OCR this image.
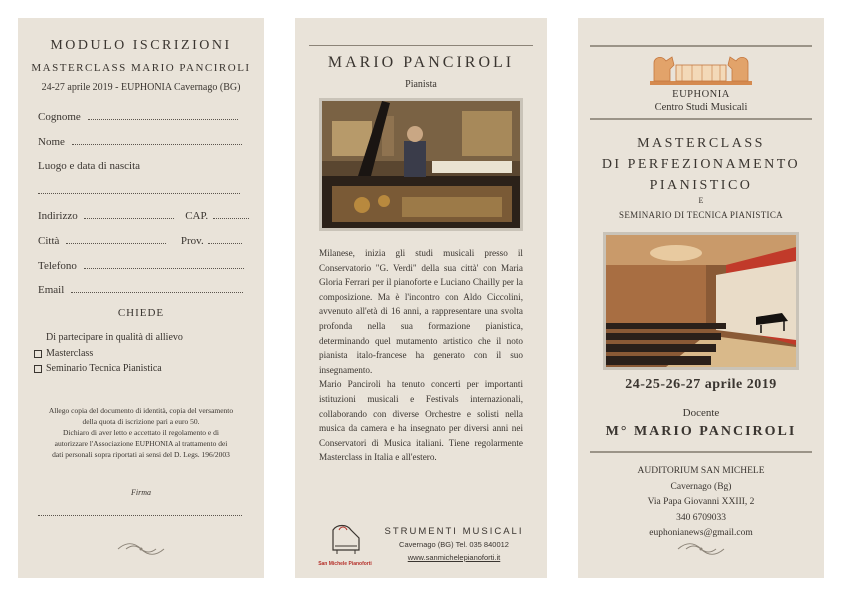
MODULO ISCRIZIONI
MASTERCLASS MARIO PANCIROLI
24-27 aprile 2019 - EUPHONIA Cavernago (BG)
Cognome
Nome
Luogo e data di nascita
Indirizzo	CAP.
Città	Prov.
Telefono
Email
CHIEDE
Di partecipare in qualità di allievo
Masterclass
Seminario Tecnica Pianistica
Allego copia del documento di identità, copia del versamento
della quota di iscrizione pari a euro 50.
Dichiaro di aver letto e accettato il regolamento e di
autorizzare l'Associazione EUPHONIA al trattamento dei
dati personali sopra riportati ai sensi del D. Legs. 196/2003
Firma
MARIO PANCIROLI
Pianista
Milanese, inizia gli studi musicali presso il Conservatorio "G. Verdi" della sua città' con Maria Gloria Ferrari per il pianoforte e Luciano Chailly per la composizione. Ma è l'incontro con Aldo Ciccolini, avvenuto all'età di 16 anni, a rappresentare una svolta profonda nella sua formazione pianistica, determinando quel mutamento artistico che il noto pianista italo-francese ha generato con il suo insegnamento.
Mario Panciroli ha tenuto concerti per importanti istituzioni musicali e Festivals internazionali, collaborando con diverse Orchestre e solisti nella musica da camera e ha insegnato per diversi anni nei Conservatori di Musica italiani. Tiene regolarmente Masterclass in Italia e all'estero.
San Michele Pianoforti
STRUMENTI MUSICALI
Cavernago (BG) Tel. 035 840012
www.sanmichelepianoforti.it
EUPHONIA
Centro Studi Musicali
MASTERCLASS
DI PERFEZIONAMENTO
PIANISTICO
E
SEMINARIO DI TECNICA PIANISTICA
24-25-26-27 aprile 2019
Docente
M° MARIO PANCIROLI
AUDITORIUM SAN MICHELE
Cavernago (Bg)
Via Papa Giovanni XXIII, 2
340 6709033
euphonianews@gmail.com
